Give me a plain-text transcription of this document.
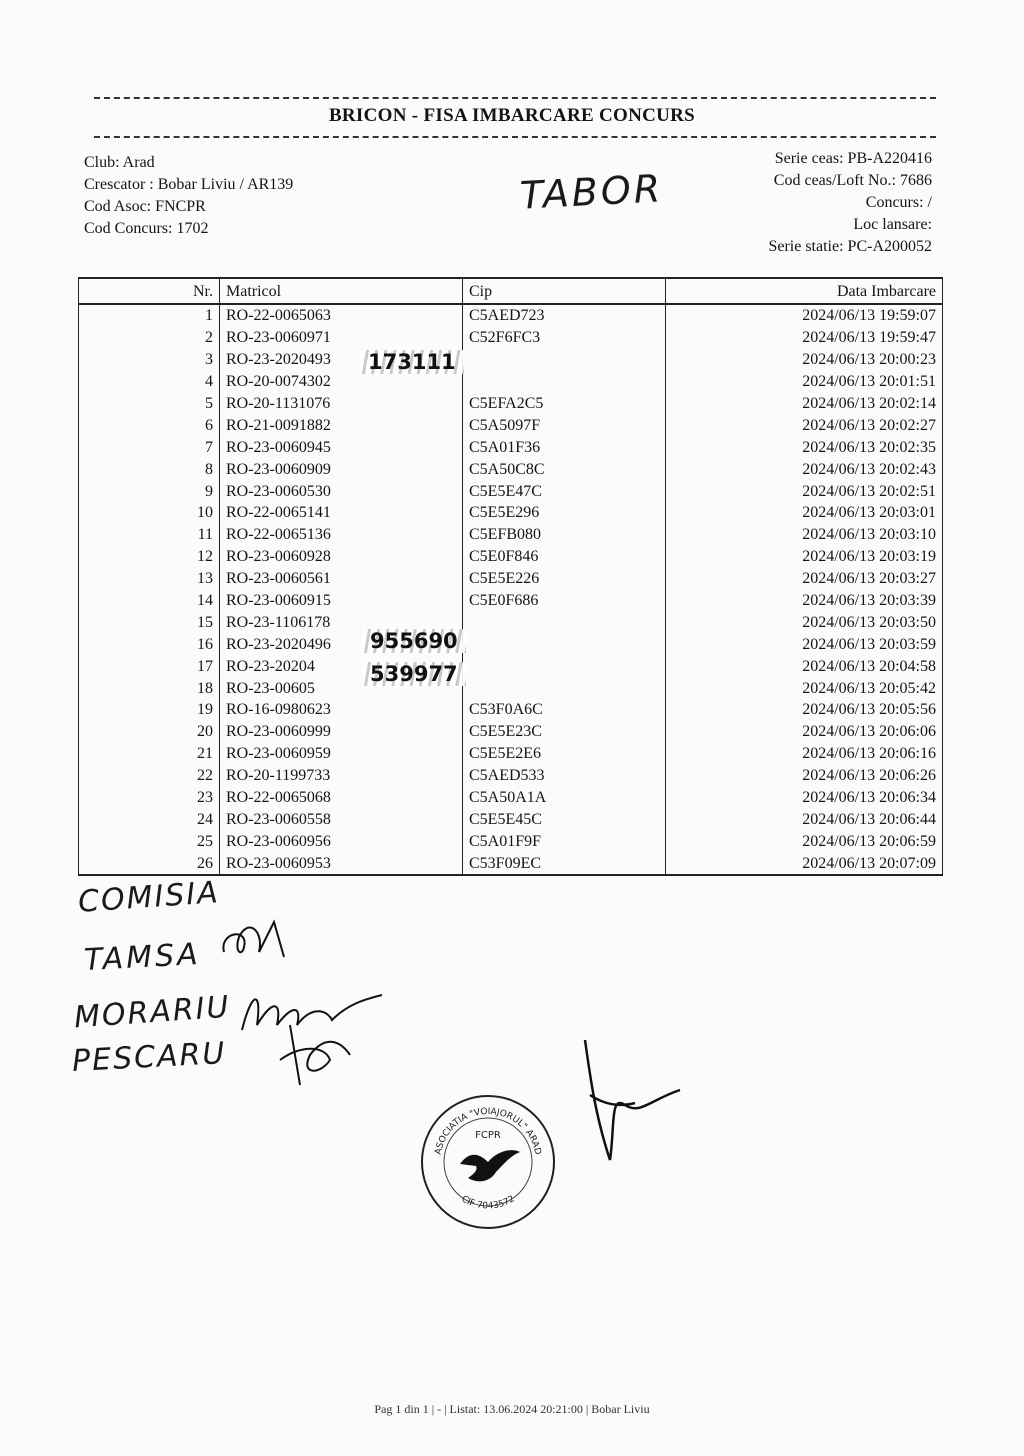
BRICON - FISA IMBARCARE CONCURS
Club: Arad
Crescator : Bobar Liviu / AR139
Cod Asoc: FNCPR
Cod Concurs: 1702
TABOR
Serie ceas: PB-A220416
Cod ceas/Loft No.: 7686
Concurs: /
Loc lansare:
Serie statie: PC-A200052
Nr.	Matricol	Cip	Data Imbarcare
1	RO-22-0065063	C5AED723	2024/06/13 19:59:07
2	RO-23-0060971	C52F6FC3	2024/06/13 19:59:47
3	RO-23-2020493		2024/06/13 20:00:23
4	RO-20-0074302		2024/06/13 20:01:51
5	RO-20-1131076	C5EFA2C5	2024/06/13 20:02:14
6	RO-21-0091882	C5A5097F	2024/06/13 20:02:27
7	RO-23-0060945	C5A01F36	2024/06/13 20:02:35
8	RO-23-0060909	C5A50C8C	2024/06/13 20:02:43
9	RO-23-0060530	C5E5E47C	2024/06/13 20:02:51
10	RO-22-0065141	C5E5E296	2024/06/13 20:03:01
11	RO-22-0065136	C5EFB080	2024/06/13 20:03:10
12	RO-23-0060928	C5E0F846	2024/06/13 20:03:19
13	RO-23-0060561	C5E5E226	2024/06/13 20:03:27
14	RO-23-0060915	C5E0F686	2024/06/13 20:03:39
15	RO-23-1106178		2024/06/13 20:03:50
16	RO-23-2020496		2024/06/13 20:03:59
17	RO-23-20204		2024/06/13 20:04:58
18	RO-23-00605		2024/06/13 20:05:42
19	RO-16-0980623	C53F0A6C	2024/06/13 20:05:56
20	RO-23-0060999	C5E5E23C	2024/06/13 20:06:06
21	RO-23-0060959	C5E5E2E6	2024/06/13 20:06:16
22	RO-20-1199733	C5AED533	2024/06/13 20:06:26
23	RO-22-0065068	C5A50A1A	2024/06/13 20:06:34
24	RO-23-0060558	C5E5E45C	2024/06/13 20:06:44
25	RO-23-0060956	C5A01F9F	2024/06/13 20:06:59
26	RO-23-0060953	C53F09EC	2024/06/13 20:07:09
173111
955690
539977
COMISIA
TAMSA
MORARIU
PESCARU
ASOCIATIA "VOIAJORUL" ARAD
FCPR
CIF 7043572
Pag 1 din 1 | - | Listat: 13.06.2024 20:21:00 | Bobar Liviu
